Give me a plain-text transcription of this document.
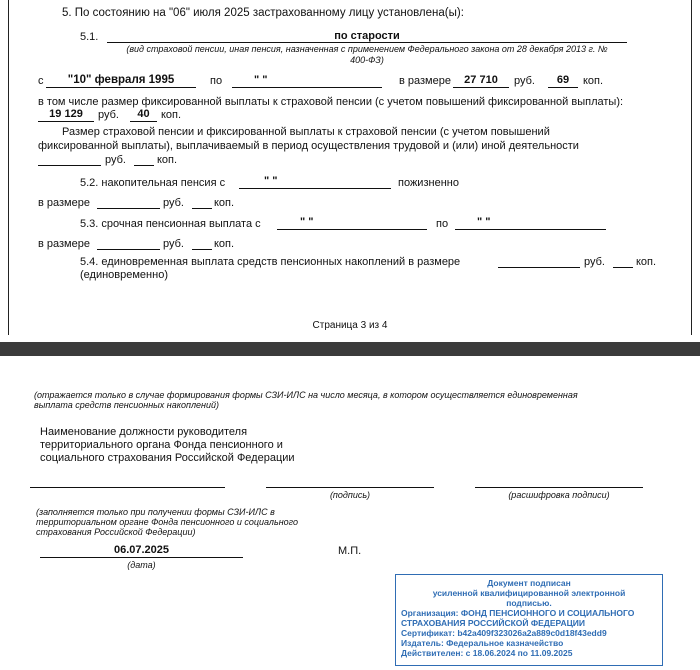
5. По состоянию на "06" июля 2025 застрахованному лицу установлена(ы):
5.1.	по старости
(вид страховой пенсии, иная пенсия, назначенная с применением Федерального закона от 28 декабря 2013 г. №
400-ФЗ)
с	"10" февраля 1995	по	" "	в размере	27 710	руб.	69	коп.
в том числе размер фиксированной выплаты к страховой пенсии (с учетом повышений фиксированной выплаты):
19 129	руб.	40	коп.
Размер страховой пенсии и фиксированной выплаты к страховой пенсии (с учетом повышений
фиксированной выплаты), выплачиваемый в период осуществления трудовой и (или) иной деятельности
руб.	коп.
5.2. накопительная пенсия с	" "	пожизненно
в размере	руб.	коп.
5.3. срочная пенсионная выплата с	" "	по	" "
в размере	руб.	коп.
5.4. единовременная выплата средств пенсионных накоплений в размере	руб.	коп.
(единовременно)
Страница 3 из 4
(отражается только в случае формирования формы СЗИ-ИЛС на число месяца, в котором осуществляется единовременная
выплата средств пенсионных накоплений)
Наименование должности руководителя
территориального органа Фонда пенсионного и
социального страхования Российской Федерации
(подпись)	(расшифровка подписи)
(заполняется только при получении формы СЗИ-ИЛС в
территориальном органе Фонда пенсионного и социального
страхования Российской Федерации)
06.07.2025
(дата)
М.П.
Документ подписан
усиленной квалифицированной электронной
подписью.
Организация: ФОНД ПЕНСИОННОГО И СОЦИАЛЬНОГО
СТРАХОВАНИЯ РОССИЙСКОЙ ФЕДЕРАЦИИ
Сертификат: b42a409f323026a2a889c0d18f43edd9
Издатель: Федеральное казначейство
Действителен: с 18.06.2024 по 11.09.2025
